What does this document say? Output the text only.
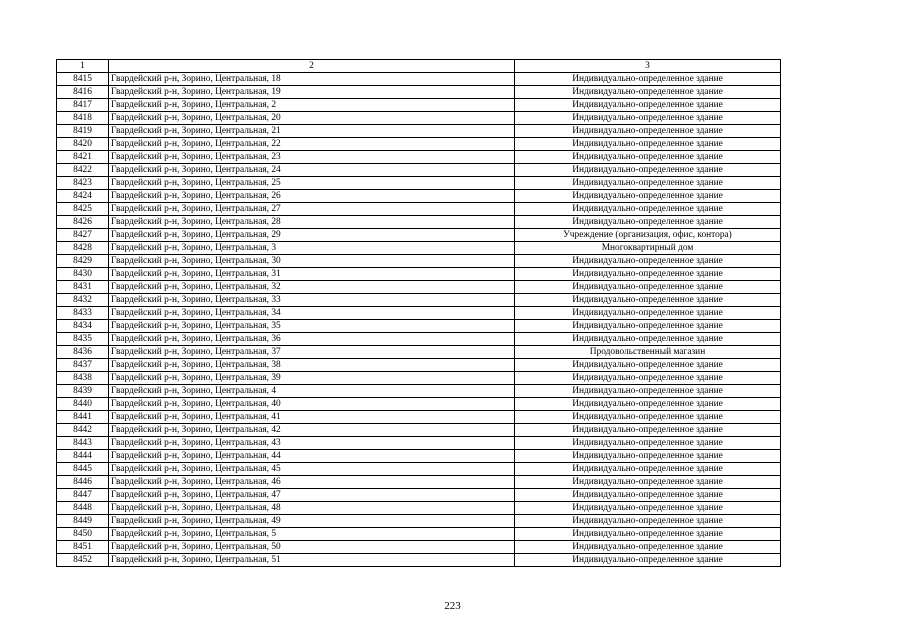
1	2	3
8415	Гвардейский р-н, Зорино, Центральная, 18	Индивидуально-определенное здание
8416	Гвардейский р-н, Зорино, Центральная, 19	Индивидуально-определенное здание
8417	Гвардейский р-н, Зорино, Центральная, 2	Индивидуально-определенное здание
8418	Гвардейский р-н, Зорино, Центральная, 20	Индивидуально-определенное здание
8419	Гвардейский р-н, Зорино, Центральная, 21	Индивидуально-определенное здание
8420	Гвардейский р-н, Зорино, Центральная, 22	Индивидуально-определенное здание
8421	Гвардейский р-н, Зорино, Центральная, 23	Индивидуально-определенное здание
8422	Гвардейский р-н, Зорино, Центральная, 24	Индивидуально-определенное здание
8423	Гвардейский р-н, Зорино, Центральная, 25	Индивидуально-определенное здание
8424	Гвардейский р-н, Зорино, Центральная, 26	Индивидуально-определенное здание
8425	Гвардейский р-н, Зорино, Центральная, 27	Индивидуально-определенное здание
8426	Гвардейский р-н, Зорино, Центральная, 28	Индивидуально-определенное здание
8427	Гвардейский р-н, Зорино, Центральная, 29	Учреждение (организация, офис, контора)
8428	Гвардейский р-н, Зорино, Центральная, 3	Многоквартирный дом
8429	Гвардейский р-н, Зорино, Центральная, 30	Индивидуально-определенное здание
8430	Гвардейский р-н, Зорино, Центральная, 31	Индивидуально-определенное здание
8431	Гвардейский р-н, Зорино, Центральная, 32	Индивидуально-определенное здание
8432	Гвардейский р-н, Зорино, Центральная, 33	Индивидуально-определенное здание
8433	Гвардейский р-н, Зорино, Центральная, 34	Индивидуально-определенное здание
8434	Гвардейский р-н, Зорино, Центральная, 35	Индивидуально-определенное здание
8435	Гвардейский р-н, Зорино, Центральная, 36	Индивидуально-определенное здание
8436	Гвардейский р-н, Зорино, Центральная, 37	Продовольственный магазин
8437	Гвардейский р-н, Зорино, Центральная, 38	Индивидуально-определенное здание
8438	Гвардейский р-н, Зорино, Центральная, 39	Индивидуально-определенное здание
8439	Гвардейский р-н, Зорино, Центральная, 4	Индивидуально-определенное здание
8440	Гвардейский р-н, Зорино, Центральная, 40	Индивидуально-определенное здание
8441	Гвардейский р-н, Зорино, Центральная, 41	Индивидуально-определенное здание
8442	Гвардейский р-н, Зорино, Центральная, 42	Индивидуально-определенное здание
8443	Гвардейский р-н, Зорино, Центральная, 43	Индивидуально-определенное здание
8444	Гвардейский р-н, Зорино, Центральная, 44	Индивидуально-определенное здание
8445	Гвардейский р-н, Зорино, Центральная, 45	Индивидуально-определенное здание
8446	Гвардейский р-н, Зорино, Центральная, 46	Индивидуально-определенное здание
8447	Гвардейский р-н, Зорино, Центральная, 47	Индивидуально-определенное здание
8448	Гвардейский р-н, Зорино, Центральная, 48	Индивидуально-определенное здание
8449	Гвардейский р-н, Зорино, Центральная, 49	Индивидуально-определенное здание
8450	Гвардейский р-н, Зорино, Центральная, 5	Индивидуально-определенное здание
8451	Гвардейский р-н, Зорино, Центральная, 50	Индивидуально-определенное здание
8452	Гвардейский р-н, Зорино, Центральная, 51	Индивидуально-определенное здание
223
